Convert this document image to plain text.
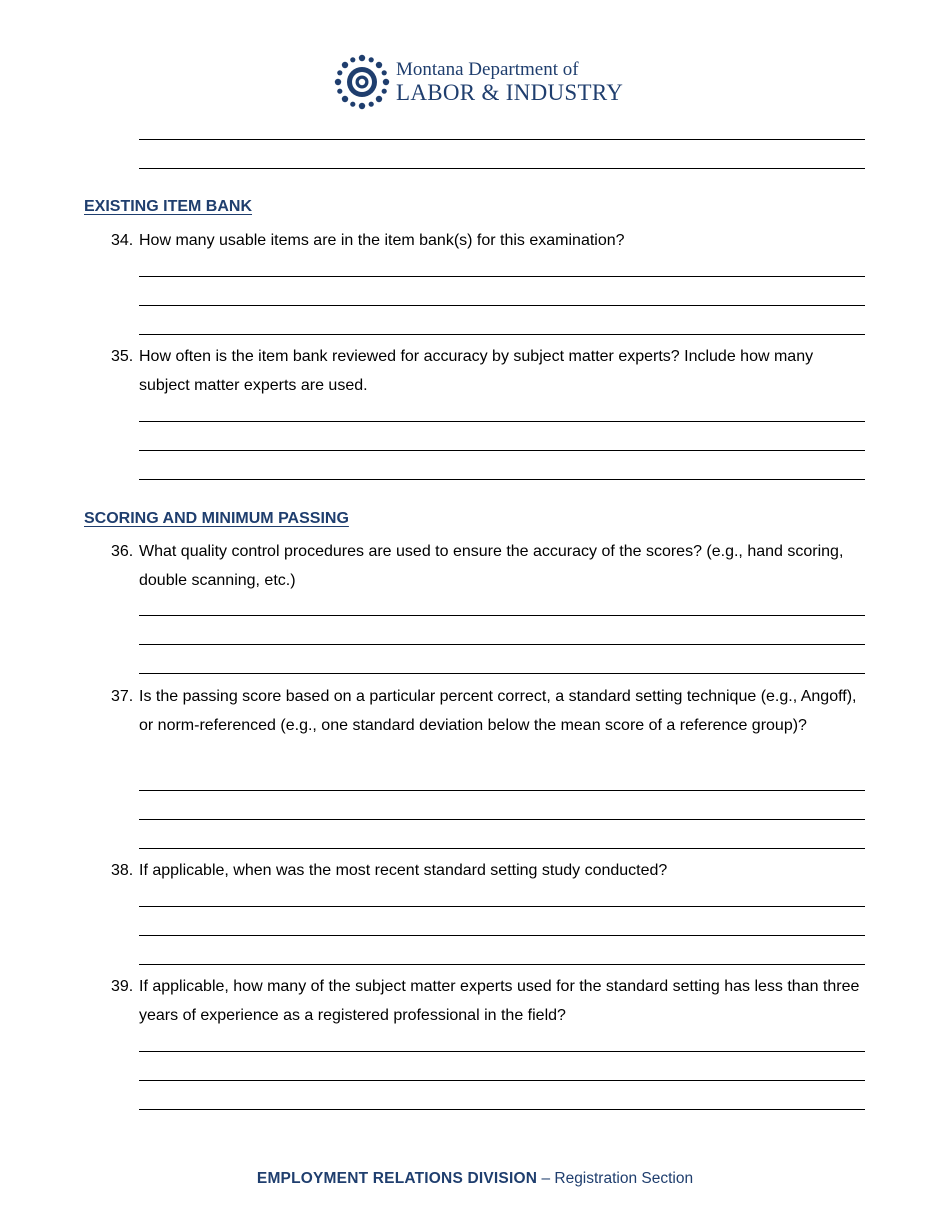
Montana Department of
LABOR & INDUSTRY
EXISTING ITEM BANK
34. How many usable items are in the item bank(s) for this examination?
35. How often is the item bank reviewed for accuracy by subject matter experts? Include how many subject matter experts are used.
SCORING AND MINIMUM PASSING
36. What quality control procedures are used to ensure the accuracy of the scores? (e.g., hand scoring, double scanning, etc.)
37. Is the passing score based on a particular percent correct, a standard setting technique (e.g., Angoff), or norm-referenced (e.g., one standard deviation below the mean score of a reference group)?
38. If applicable, when was the most recent standard setting study conducted?
39. If applicable, how many of the subject matter experts used for the standard setting has less than three years of experience as a registered professional in the field?
EMPLOYMENT RELATIONS DIVISION – Registration Section
